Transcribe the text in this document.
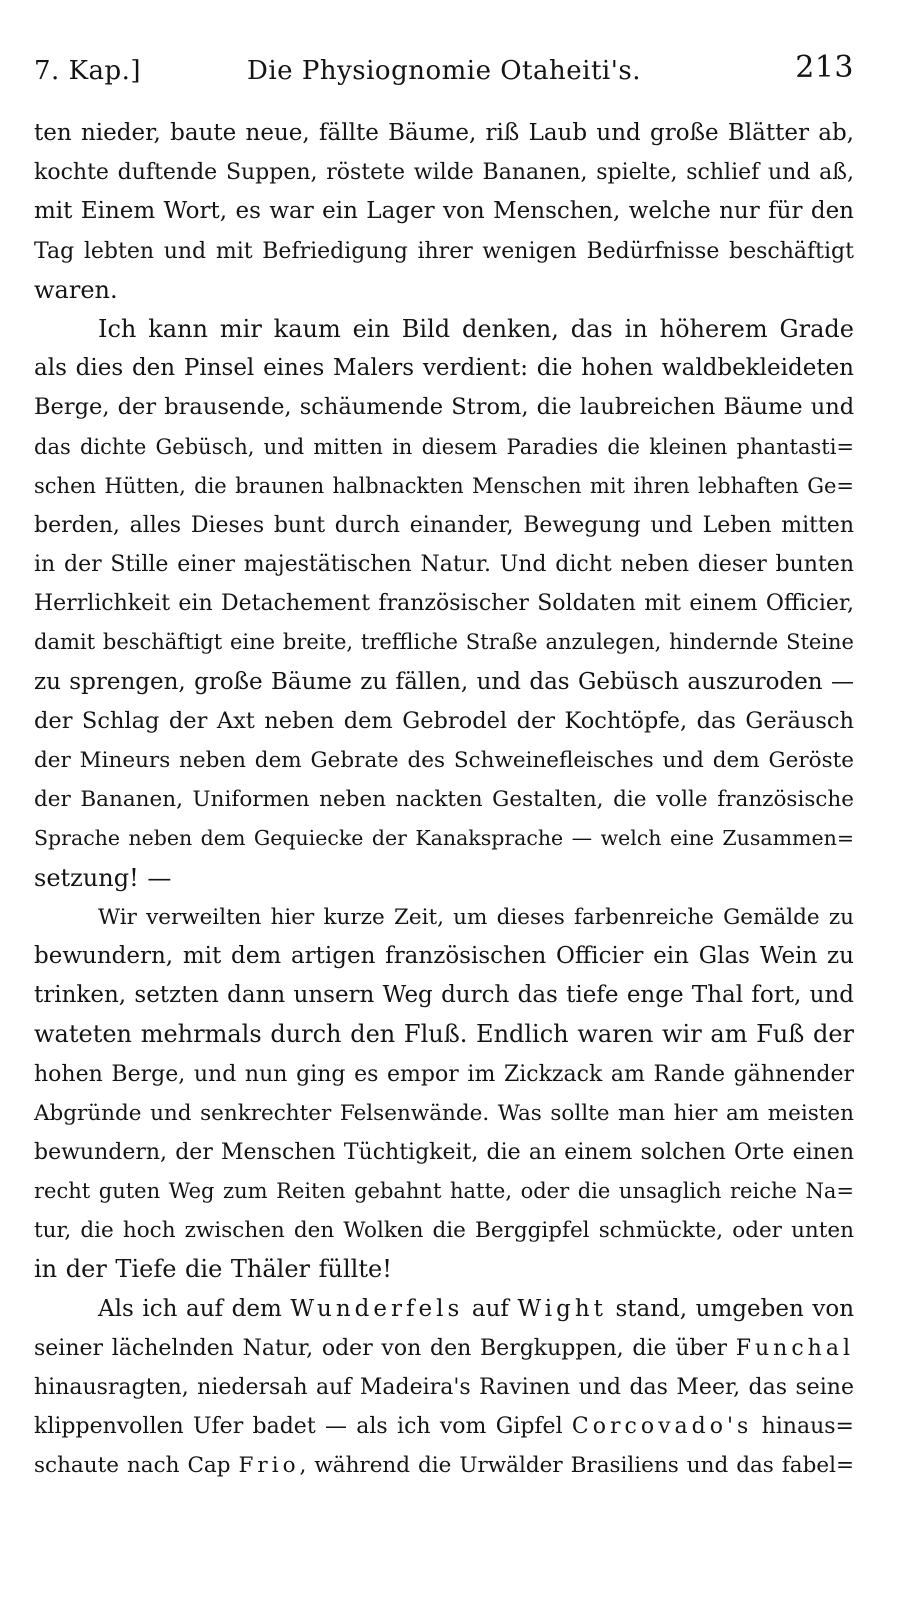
7. Kap.]	Die Physiognomie Otaheiti's.	213
ten nieder, baute neue, fällte Bäume, riß Laub und große Blätter ab,
kochte duftende Suppen, röstete wilde Bananen, spielte, schlief und aß,
mit Einem Wort, es war ein Lager von Menschen, welche nur für den
Tag lebten und mit Befriedigung ihrer wenigen Bedürfnisse beschäftigt
waren.
Ich kann mir kaum ein Bild denken, das in höherem Grade
als dies den Pinsel eines Malers verdient: die hohen waldbekleideten
Berge, der brausende, schäumende Strom, die laubreichen Bäume und
das dichte Gebüsch, und mitten in diesem Paradies die kleinen phantasti=
schen Hütten, die braunen halbnackten Menschen mit ihren lebhaften Ge=
berden, alles Dieses bunt durch einander, Bewegung und Leben mitten
in der Stille einer majestätischen Natur. Und dicht neben dieser bunten
Herrlichkeit ein Detachement französischer Soldaten mit einem Officier,
damit beschäftigt eine breite, treffliche Straße anzulegen, hindernde Steine
zu sprengen, große Bäume zu fällen, und das Gebüsch auszuroden —
der Schlag der Axt neben dem Gebrodel der Kochtöpfe, das Geräusch
der Mineurs neben dem Gebrate des Schweinefleisches und dem Geröste
der Bananen, Uniformen neben nackten Gestalten, die volle französische
Sprache neben dem Gequiecke der Kanaksprache — welch eine Zusammen=
setzung! —
Wir verweilten hier kurze Zeit, um dieses farbenreiche Gemälde zu
bewundern, mit dem artigen französischen Officier ein Glas Wein zu
trinken, setzten dann unsern Weg durch das tiefe enge Thal fort, und
wateten mehrmals durch den Fluß. Endlich waren wir am Fuß der
hohen Berge, und nun ging es empor im Zickzack am Rande gähnender
Abgründe und senkrechter Felsenwände. Was sollte man hier am meisten
bewundern, der Menschen Tüchtigkeit, die an einem solchen Orte einen
recht guten Weg zum Reiten gebahnt hatte, oder die unsaglich reiche Na=
tur, die hoch zwischen den Wolken die Berggipfel schmückte, oder unten
in der Tiefe die Thäler füllte!
Als ich auf dem Wunderfels auf Wight stand, umgeben von
seiner lächelnden Natur, oder von den Bergkuppen, die über Funchal
hinausragten, niedersah auf Madeira's Ravinen und das Meer, das seine
klippenvollen Ufer badet — als ich vom Gipfel Corcovado's hinaus=
schaute nach Cap Frio, während die Urwälder Brasiliens und das fabel=
